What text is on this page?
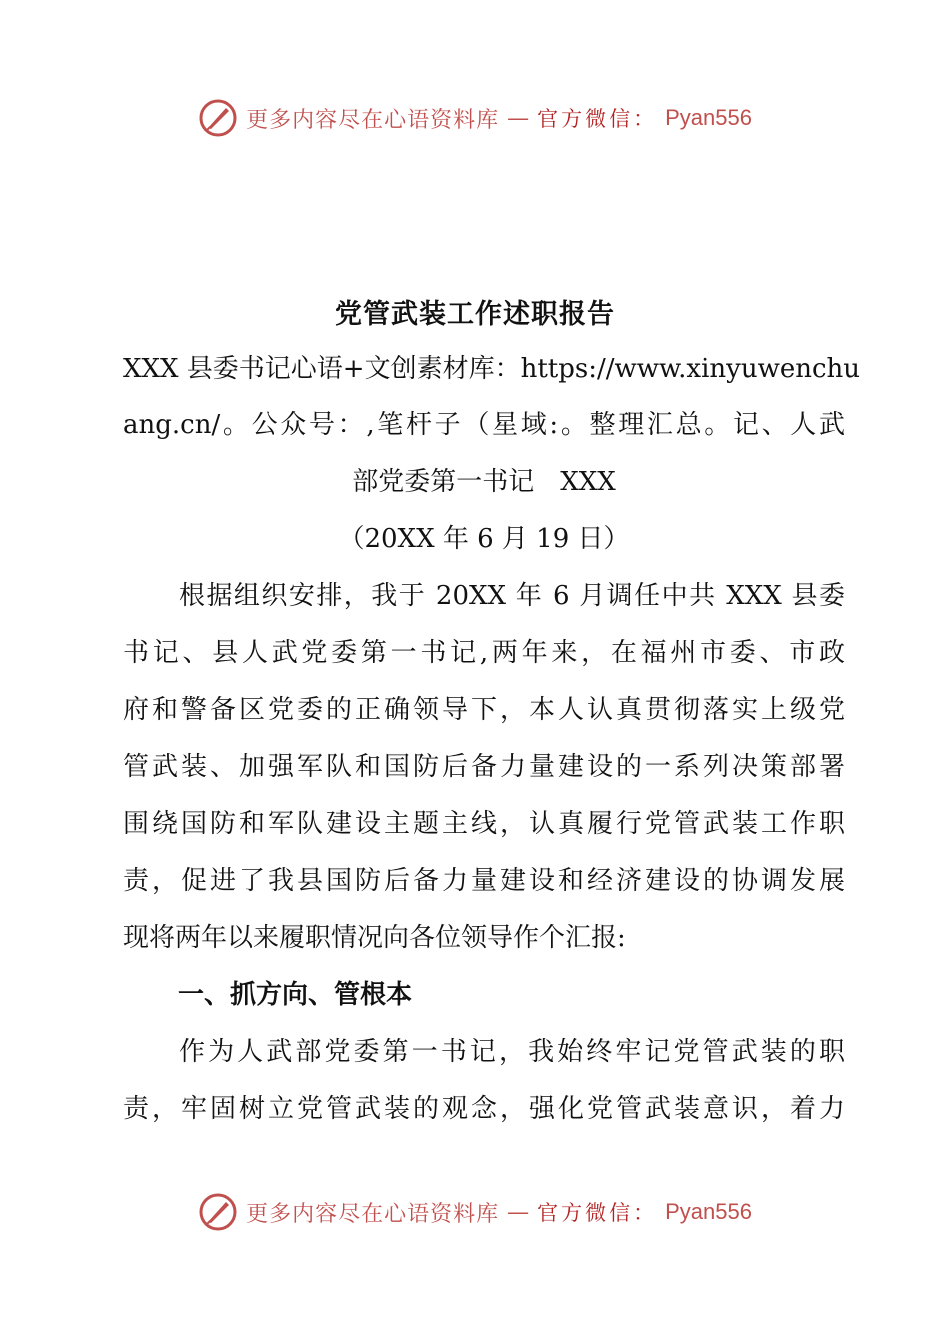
更多内容尽在心语资料库 — 官方微信： Pyan556
党管武装工作述职报告
XXX 县委书记心语+文创素材库：https://www.xinyuwenchu
ang.cn/。公众号：,笔杆子（星域:。整理汇总。记、人武
部党委第一书记　XXX
（20XX 年 6 月 19 日）
根据组织安排，我于 20XX 年 6 月调任中共 XXX 县委
书记、县人武党委第一书记,两年来，在福州市委、市政
府和警备区党委的正确领导下，本人认真贯彻落实上级党
管武装、加强军队和国防后备力量建设的一系列决策部署
围绕国防和军队建设主题主线，认真履行党管武装工作职
责，促进了我县国防后备力量建设和经济建设的协调发展
现将两年以来履职情况向各位领导作个汇报:
一、抓方向、管根本
作为人武部党委第一书记，我始终牢记党管武装的职
责，牢固树立党管武装的观念，强化党管武装意识，着力
更多内容尽在心语资料库 — 官方微信： Pyan556
